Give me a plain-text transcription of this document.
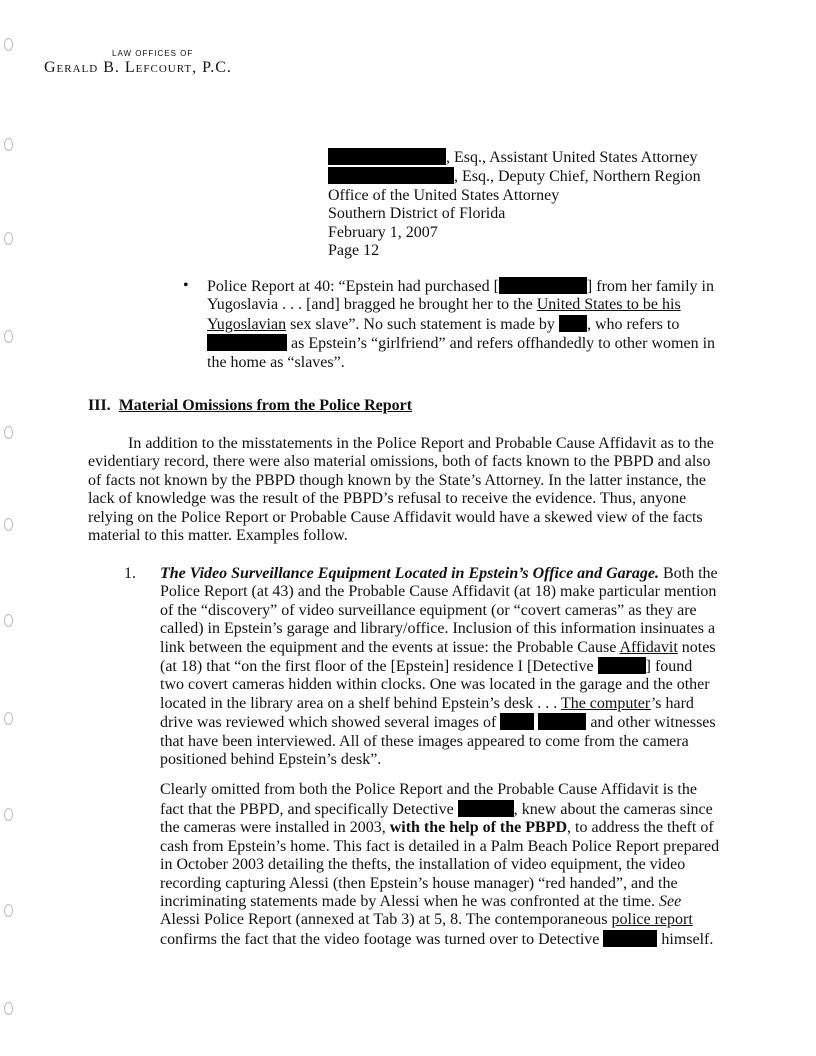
LAW OFFICES OF
Gerald B. Lefcourt, P.C.
, Esq., Assistant United States Attorney
, Esq., Deputy Chief, Northern Region
Office of the United States Attorney
Southern District of Florida
February 1, 2007
Page 12
• Police Report at 40: “Epstein had purchased [	] from her family in Yugoslavia . . . [and] bragged he brought her to the United States to be his Yugoslavian sex slave”. No such statement is made by , who refers to  as Epstein’s “girlfriend” and refers offhandedly to other women in the home as “slaves”.
III. Material Omissions from the Police Report

In addition to the misstatements in the Police Report and Probable Cause Affidavit as to the evidentiary record, there were also material omissions, both of facts known to the PBPD and also of facts not known by the PBPD though known by the State’s Attorney. In the latter instance, the lack of knowledge was the result of the PBPD’s refusal to receive the evidence. Thus, anyone relying on the Police Report or Probable Cause Affidavit would have a skewed view of the facts material to this matter. Examples follow.

1. The Video Surveillance Equipment Located in Epstein’s Office and Garage. Both the Police Report (at 43) and the Probable Cause Affidavit (at 18) make particular mention of the “discovery” of video surveillance equipment (or “covert cameras” as they are called) in Epstein’s garage and library/office. Inclusion of this information insinuates a link between the equipment and the events at issue: the Probable Cause Affidavit notes (at 18) that “on the first floor of the [Epstein] residence I [Detective	] found two covert cameras hidden within clocks. One was located in the garage and the other located in the library area on a shelf behind Epstein’s desk . . . The computer’s hard drive was reviewed which showed several images of	and other witnesses that have been interviewed. All of these images appeared to come from the camera positioned behind Epstein’s desk”.

Clearly omitted from both the Police Report and the Probable Cause Affidavit is the fact that the PBPD, and specifically Detective	, knew about the cameras since the cameras were installed in 2003, with the help of the PBPD, to address the theft of cash from Epstein’s home. This fact is detailed in a Palm Beach Police Report prepared in October 2003 detailing the thefts, the installation of video equipment, the video recording capturing Alessi (then Epstein’s house manager) “red handed”, and the incriminating statements made by Alessi when he was confronted at the time. See Alessi Police Report (annexed at Tab 3) at 5, 8. The contemporaneous police report confirms the fact that the video footage was turned over to Detective	himself.
